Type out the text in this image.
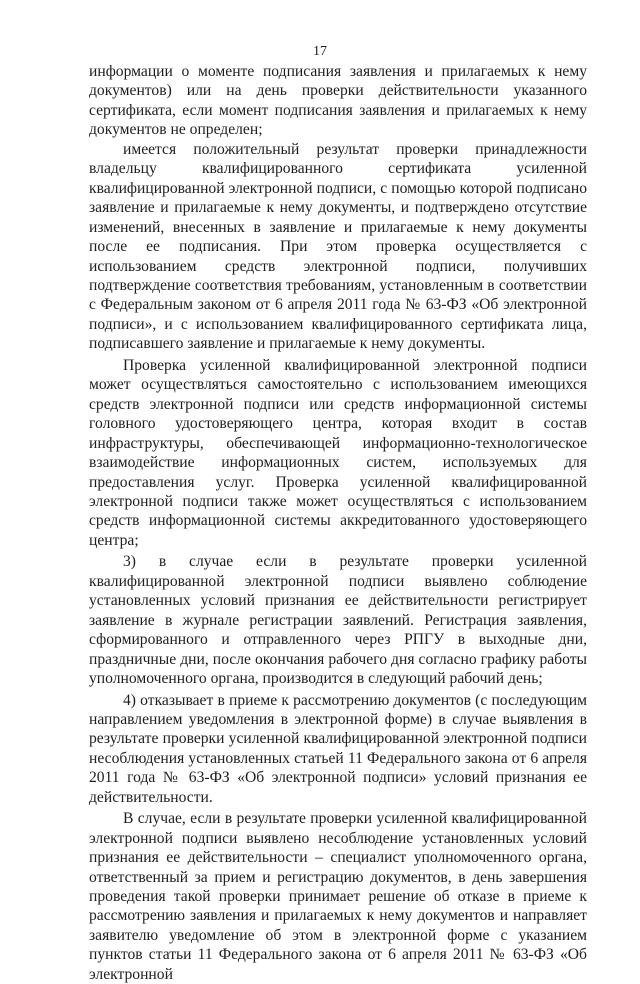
17

информации о моменте подписания заявления и прилагаемых к нему документов) или на день проверки действительности указанного сертификата, если момент подписания заявления и прилагаемых к нему документов не определен;

имеется положительный результат проверки принадлежности владельцу квалифицированного сертификата усиленной квалифицированной электронной подписи, с помощью которой подписано заявление и прилагаемые к нему документы, и подтверждено отсутствие изменений, внесенных в заявление и прилагаемые к нему документы после ее подписания. При этом проверка осуществляется с использованием средств электронной подписи, получивших подтверждение соответствия требованиям, установленным в соответствии с Федеральным законом от 6 апреля 2011 года № 63-ФЗ «Об электронной подписи», и с использованием квалифицированного сертификата лица, подписавшего заявление и прилагаемые к нему документы.

Проверка усиленной квалифицированной электронной подписи может осуществляться самостоятельно с использованием имеющихся средств электронной подписи или средств информационной системы головного удостоверяющего центра, которая входит в состав инфраструктуры, обеспечивающей информационно-технологическое взаимодействие информационных систем, используемых для предоставления услуг. Проверка усиленной квалифицированной электронной подписи также может осуществляться с использованием средств информационной системы аккредитованного удостоверяющего центра;

3) в случае если в результате проверки усиленной квалифицированной электронной подписи выявлено соблюдение установленных условий признания ее действительности регистрирует заявление в журнале регистрации заявлений. Регистрация заявления, сформированного и отправленного через РПГУ в выходные дни, праздничные дни, после окончания рабочего дня согласно графику работы уполномоченного органа, производится в следующий рабочий день;

4) отказывает в приеме к рассмотрению документов (с последующим направлением уведомления в электронной форме) в случае выявления в результате проверки усиленной квалифицированной электронной подписи несоблюдения установленных статьей 11 Федерального закона от 6 апреля 2011 года № 63-ФЗ «Об электронной подписи» условий признания ее действительности.

В случае, если в результате проверки усиленной квалифицированной электронной подписи выявлено несоблюдение установленных условий признания ее действительности – специалист уполномоченного органа, ответственный за прием и регистрацию документов, в день завершения проведения такой проверки принимает решение об отказе в приеме к рассмотрению заявления и прилагаемых к нему документов и направляет заявителю уведомление об этом в электронной форме с указанием пунктов статьи 11 Федерального закона от 6 апреля 2011 № 63-ФЗ «Об электронной
